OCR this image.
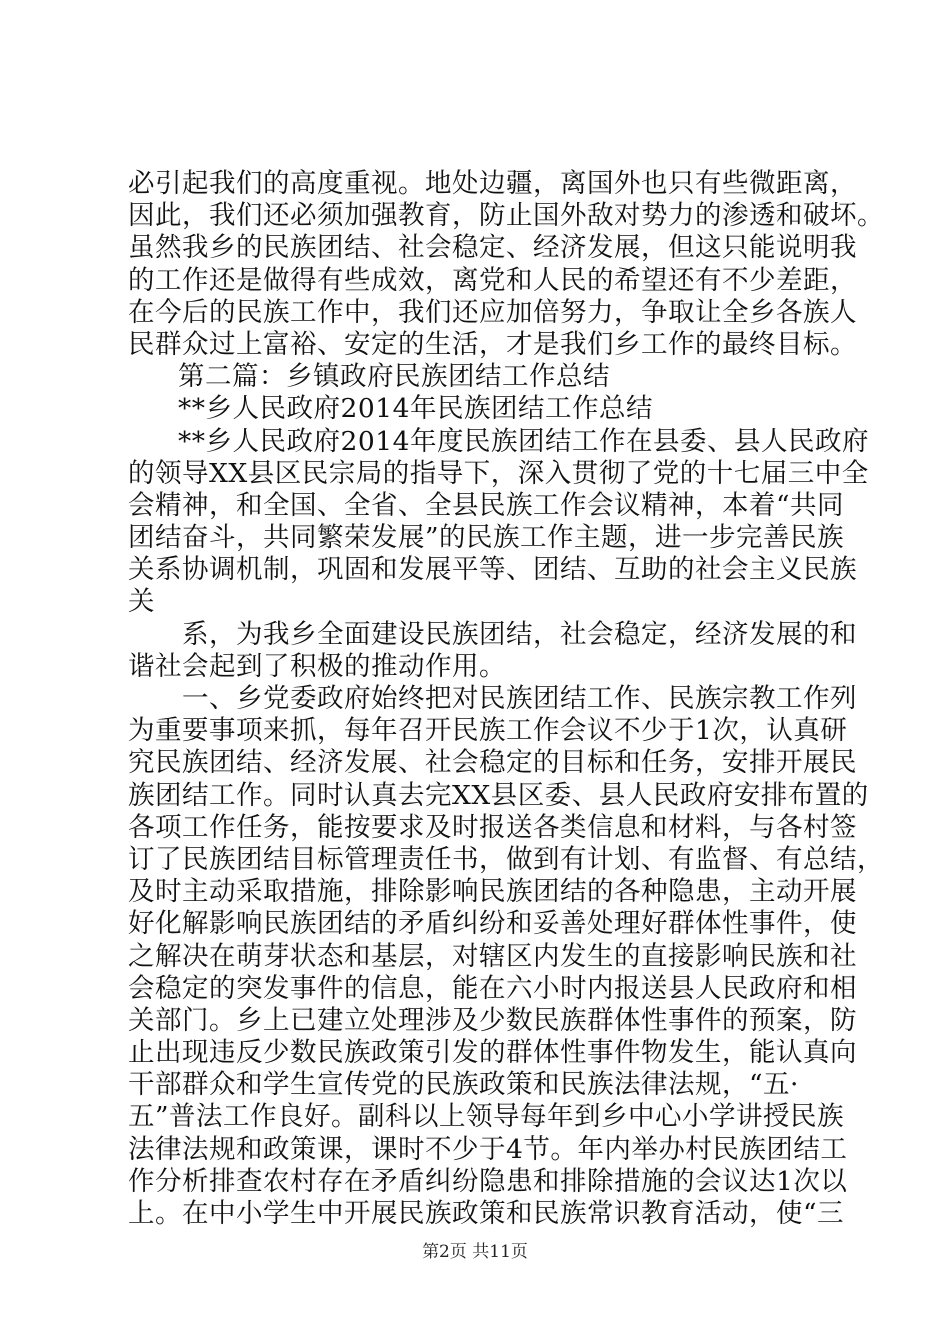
必引起我们的高度重视。地处边疆，离国外也只有些微距离，
因此，我们还必须加强教育，防止国外敌对势力的渗透和破坏。
虽然我乡的民族团结、社会稳定、经济发展，但这只能说明我
的工作还是做得有些成效，离党和人民的希望还有不少差距，
在今后的民族工作中，我们还应加倍努力，争取让全乡各族人
民群众过上富裕、安定的生活，才是我们乡工作的最终目标。
第二篇：乡镇政府民族团结工作总结
**乡人民政府2014年民族团结工作总结
**乡人民政府2014年度民族团结工作在县委、县人民政府
的领导XX县区民宗局的指导下，深入贯彻了党的十七届三中全
会精神，和全国、全省、全县民族工作会议精神，本着“共同
团结奋斗，共同繁荣发展”的民族工作主题，进一步完善民族
关系协调机制，巩固和发展平等、团结、互助的社会主义民族
关
系，为我乡全面建设民族团结，社会稳定，经济发展的和
谐社会起到了积极的推动作用。
一、乡党委政府始终把对民族团结工作、民族宗教工作列
为重要事项来抓，每年召开民族工作会议不少于1次，认真研
究民族团结、经济发展、社会稳定的目标和任务，安排开展民
族团结工作。同时认真去完XX县区委、县人民政府安排布置的
各项工作任务，能按要求及时报送各类信息和材料，与各村签
订了民族团结目标管理责任书，做到有计划、有监督、有总结，
及时主动采取措施，排除影响民族团结的各种隐患，主动开展
好化解影响民族团结的矛盾纠纷和妥善处理好群体性事件，使
之解决在萌芽状态和基层，对辖区内发生的直接影响民族和社
会稳定的突发事件的信息，能在六小时内报送县人民政府和相
关部门。乡上已建立处理涉及少数民族群体性事件的预案，防
止出现违反少数民族政策引发的群体性事件物发生，能认真向
干部群众和学生宣传党的民族政策和民族法律法规，“五·
五”普法工作良好。副科以上领导每年到乡中心小学讲授民族
法律法规和政策课，课时不少于4节。年内举办村民族团结工
作分析排查农村存在矛盾纠纷隐患和排除措施的会议达1次以
上。在中小学生中开展民族政策和民族常识教育活动，使“三
第2页 共11页
